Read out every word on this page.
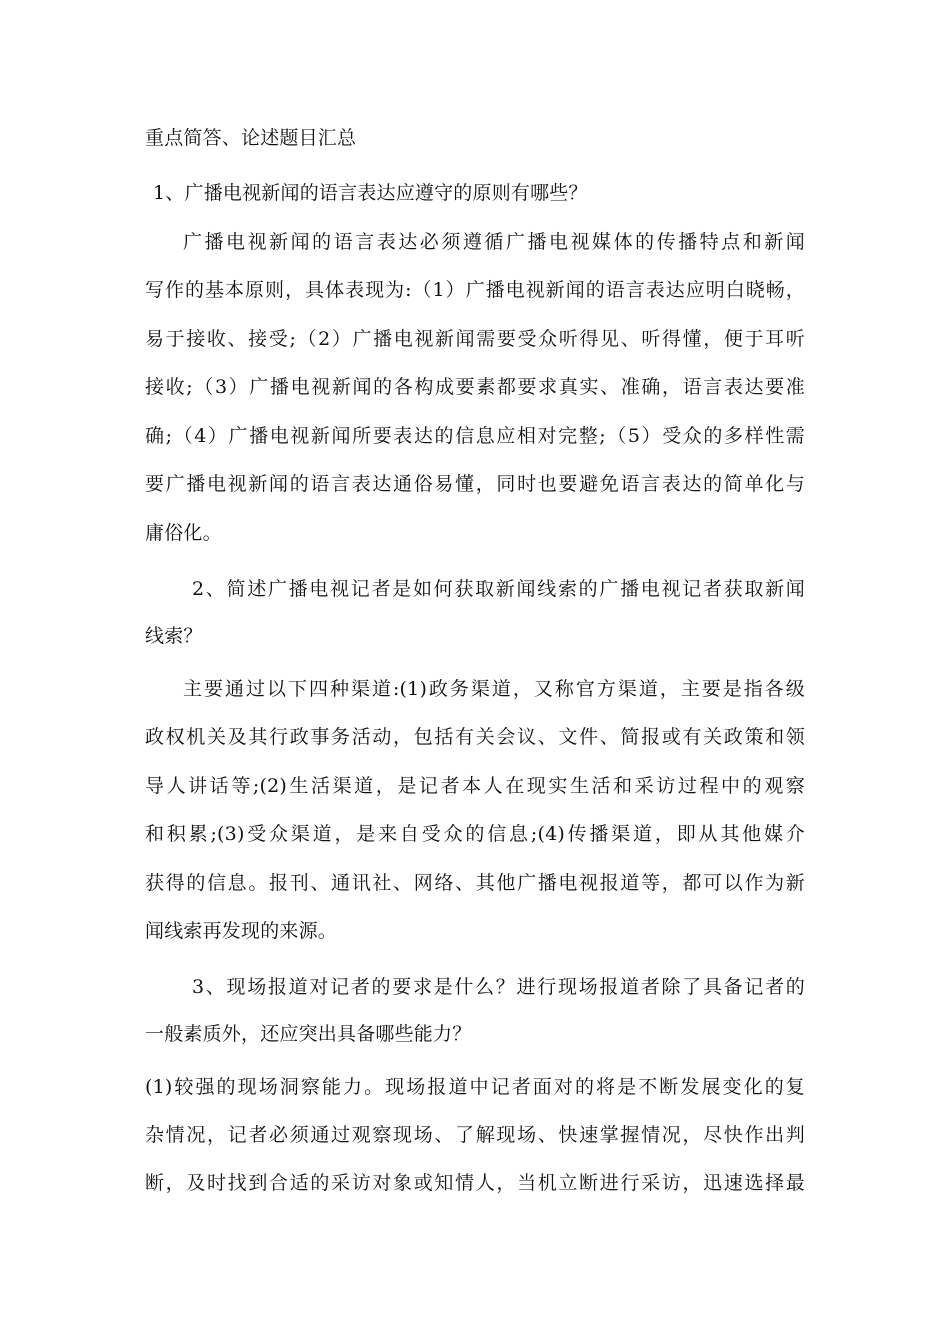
重点简答、论述题目汇总

1、广播电视新闻的语言表达应遵守的原则有哪些？

广播电视新闻的语言表达必须遵循广播电视媒体的传播特点和新闻

写作的基本原则，具体表现为:（1）广播电视新闻的语言表达应明白晓畅，

易于接收、接受;（2）广播电视新闻需要受众听得见、听得懂，便于耳听

接收;（3）广播电视新闻的各构成要素都要求真实、准确，语言表达要准

确;（4）广播电视新闻所要表达的信息应相对完整;（5）受众的多样性需

要广播电视新闻的语言表达通俗易懂，同时也要避免语言表达的简单化与

庸俗化。

2、简述广播电视记者是如何获取新闻线索的广播电视记者获取新闻

线索？

主要通过以下四种渠道:(1)政务渠道，又称官方渠道，主要是指各级

政权机关及其行政事务活动，包括有关会议、文件、简报或有关政策和领

导人讲话等;(2)生活渠道，是记者本人在现实生活和采访过程中的观察

和积累;(3)受众渠道，是来自受众的信息;(4)传播渠道，即从其他媒介

获得的信息。报刊、通讯社、网络、其他广播电视报道等，都可以作为新

闻线索再发现的来源。

3、现场报道对记者的要求是什么？进行现场报道者除了具备记者的

一般素质外，还应突出具备哪些能力？

(1)较强的现场洞察能力。现场报道中记者面对的将是不断发展变化的复

杂情况，记者必须通过观察现场、了解现场、快速掌握情况，尽快作出判

断，及时找到合适的采访对象或知情人，当机立断进行采访，迅速选择最
